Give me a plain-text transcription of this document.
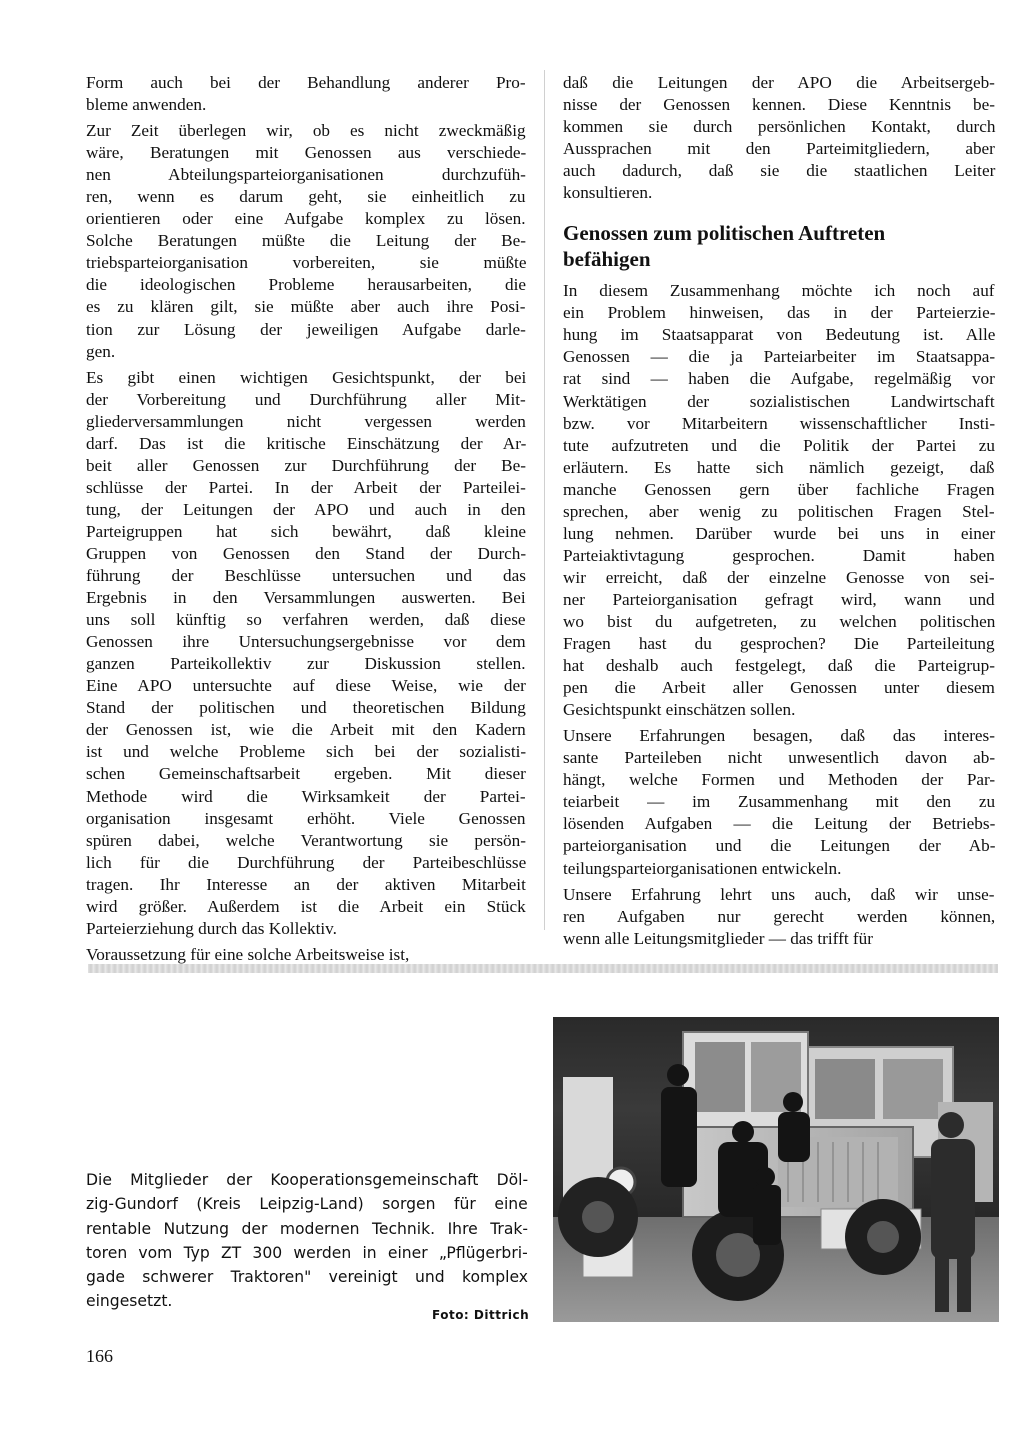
Form auch bei der Behandlung anderer Pro-
bleme anwenden.

Zur Zeit überlegen wir, ob es nicht zweckmäßig
wäre, Beratungen mit Genossen aus verschiede-
nen Abteilungsparteiorganisationen durchzufüh-
ren, wenn es darum geht, sie einheitlich zu
orientieren oder eine Aufgabe komplex zu lösen.
Solche Beratungen müßte die Leitung der Be-
triebsparteiorganisation vorbereiten, sie müßte
die ideologischen Probleme herausarbeiten, die
es zu klären gilt, sie müßte aber auch ihre Posi-
tion zur Lösung der jeweiligen Aufgabe darle-
gen.

Es gibt einen wichtigen Gesichtspunkt, der bei
der Vorbereitung und Durchführung aller Mit-
gliederversammlungen nicht vergessen werden
darf. Das ist die kritische Einschätzung der Ar-
beit aller Genossen zur Durchführung der Be-
schlüsse der Partei. In der Arbeit der Parteilei-
tung, der Leitungen der APO und auch in den
Parteigruppen hat sich bewährt, daß kleine
Gruppen von Genossen den Stand der Durch-
führung der Beschlüsse untersuchen und das
Ergebnis in den Versammlungen auswerten. Bei
uns soll künftig so verfahren werden, daß diese
Genossen ihre Untersuchungsergebnisse vor dem
ganzen Parteikollektiv zur Diskussion stellen.
Eine APO untersuchte auf diese Weise, wie der
Stand der politischen und theoretischen Bildung
der Genossen ist, wie die Arbeit mit den Kadern
ist und welche Probleme sich bei der sozialisti-
schen Gemeinschaftsarbeit ergeben. Mit dieser
Methode wird die Wirksamkeit der Partei-
organisation insgesamt erhöht. Viele Genossen
spüren dabei, welche Verantwortung sie persön-
lich für die Durchführung der Parteibeschlüsse
tragen. Ihr Interesse an der aktiven Mitarbeit
wird größer. Außerdem ist die Arbeit ein Stück
Parteierziehung durch das Kollektiv.

Voraussetzung für eine solche Arbeitsweise ist,

daß die Leitungen der APO die Arbeitsergeb-
nisse der Genossen kennen. Diese Kenntnis be-
kommen sie durch persönlichen Kontakt, durch
Aussprachen mit den Parteimitgliedern, aber
auch dadurch, daß sie die staatlichen Leiter
konsultieren.

Genossen zum politischen Auftreten
befähigen

In diesem Zusammenhang möchte ich noch auf
ein Problem hinweisen, das in der Parteierzie-
hung im Staatsapparat von Bedeutung ist. Alle
Genossen — die ja Parteiarbeiter im Staatsappa-
rat sind — haben die Aufgabe, regelmäßig vor
Werktätigen der sozialistischen Landwirtschaft
bzw. vor Mitarbeitern wissenschaftlicher Insti-
tute aufzutreten und die Politik der Partei zu
erläutern. Es hatte sich nämlich gezeigt, daß
manche Genossen gern über fachliche Fragen
sprechen, aber wenig zu politischen Fragen Stel-
lung nehmen. Darüber wurde bei uns in einer
Parteiaktivtagung gesprochen. Damit haben
wir erreicht, daß der einzelne Genosse von sei-
ner Parteiorganisation gefragt wird, wann und
wo bist du aufgetreten, zu welchen politischen
Fragen hast du gesprochen? Die Parteileitung
hat deshalb auch festgelegt, daß die Parteigrup-
pen die Arbeit aller Genossen unter diesem
Gesichtspunkt einschätzen sollen.

Unsere Erfahrungen besagen, daß das interes-
sante Parteileben nicht unwesentlich davon ab-
hängt, welche Formen und Methoden der Par-
teiarbeit — im Zusammenhang mit den zu
lösenden Aufgaben — die Leitung der Betriebs-
parteiorganisation und die Leitungen der Ab-
teilungsparteiorganisationen entwickeln.

Unsere Erfahrung lehrt uns auch, daß wir unse-
ren Aufgaben nur gerecht werden können,
wenn alle Leitungsmitglieder — das trifft für

Die Mitglieder der Kooperationsgemeinschaft Döl-
zig-Gundorf (Kreis Leipzig-Land) sorgen für eine
rentable Nutzung der modernen Technik. Ihre Trak-
toren vom Typ ZT 300 werden in einer „Pflügerbri-
gade schwerer Traktoren" vereinigt und komplex
eingesetzt.
Foto: Dittrich
166
